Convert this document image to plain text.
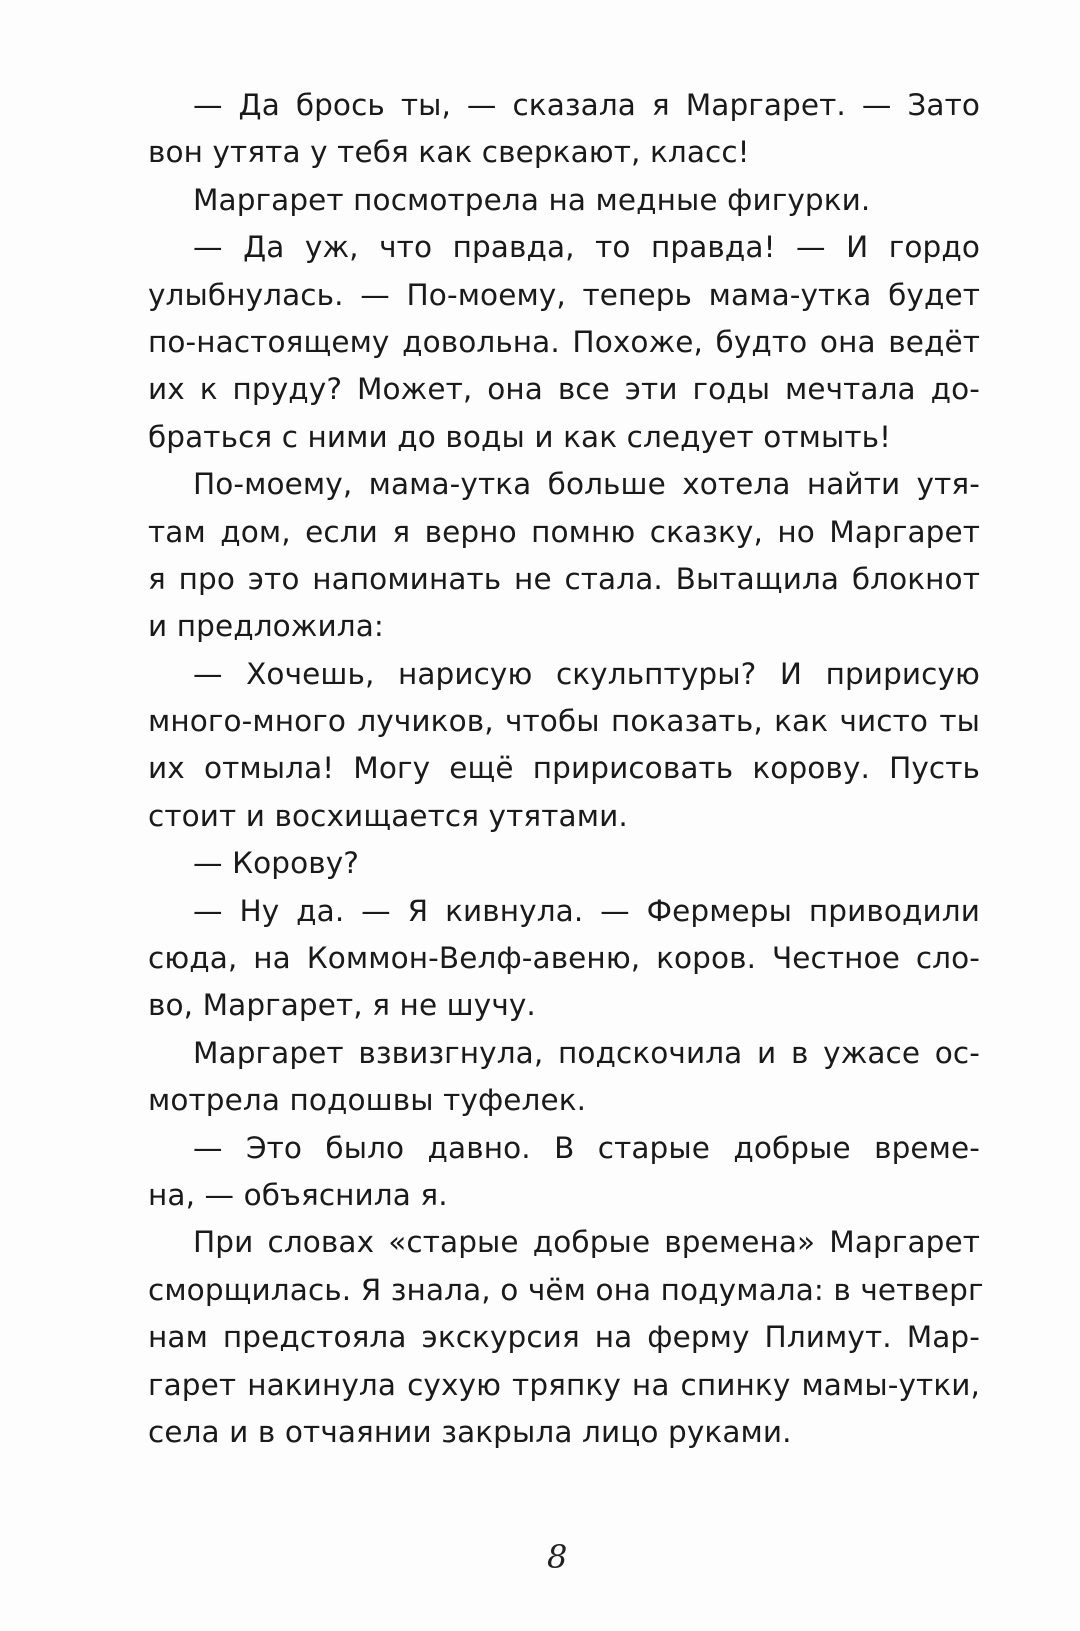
— Да брось ты, — сказала я Маргарет. — Зато
вон утята у тебя как сверкают, класс!
Маргарет посмотрела на медные фигурки.
— Да уж, что правда, то правда! — И гордо
улыбнулась. — По-моему, теперь мама-утка будет
по-настоящему довольна. Похоже, будто она ведёт
их к пруду? Может, она все эти годы мечтала до-
браться с ними до воды и как следует отмыть!
По-моему, мама-утка больше хотела найти утя-
там дом, если я верно помню сказку, но Маргарет
я про это напоминать не стала. Вытащила блокнот
и предложила:
— Хочешь, нарисую скульптуры? И пририсую
много-много лучиков, чтобы показать, как чисто ты
их отмыла! Могу ещё пририсовать корову. Пусть
стоит и восхищается утятами.
— Корову?
— Ну да. — Я кивнула. — Фермеры приводили
сюда, на Коммон-Велф-авеню, коров. Честное сло-
во, Маргарет, я не шучу.
Маргарет взвизгнула, подскочила и в ужасе ос-
мотрела подошвы туфелек.
— Это было давно. В старые добрые време-
на, — объяснила я.
При словах «старые добрые времена» Маргарет
сморщилась. Я знала, о чём она подумала: в четверг
нам предстояла экскурсия на ферму Плимут. Мар-
гарет накинула сухую тряпку на спинку мамы-утки,
села и в отчаянии закрыла лицо руками.
8
